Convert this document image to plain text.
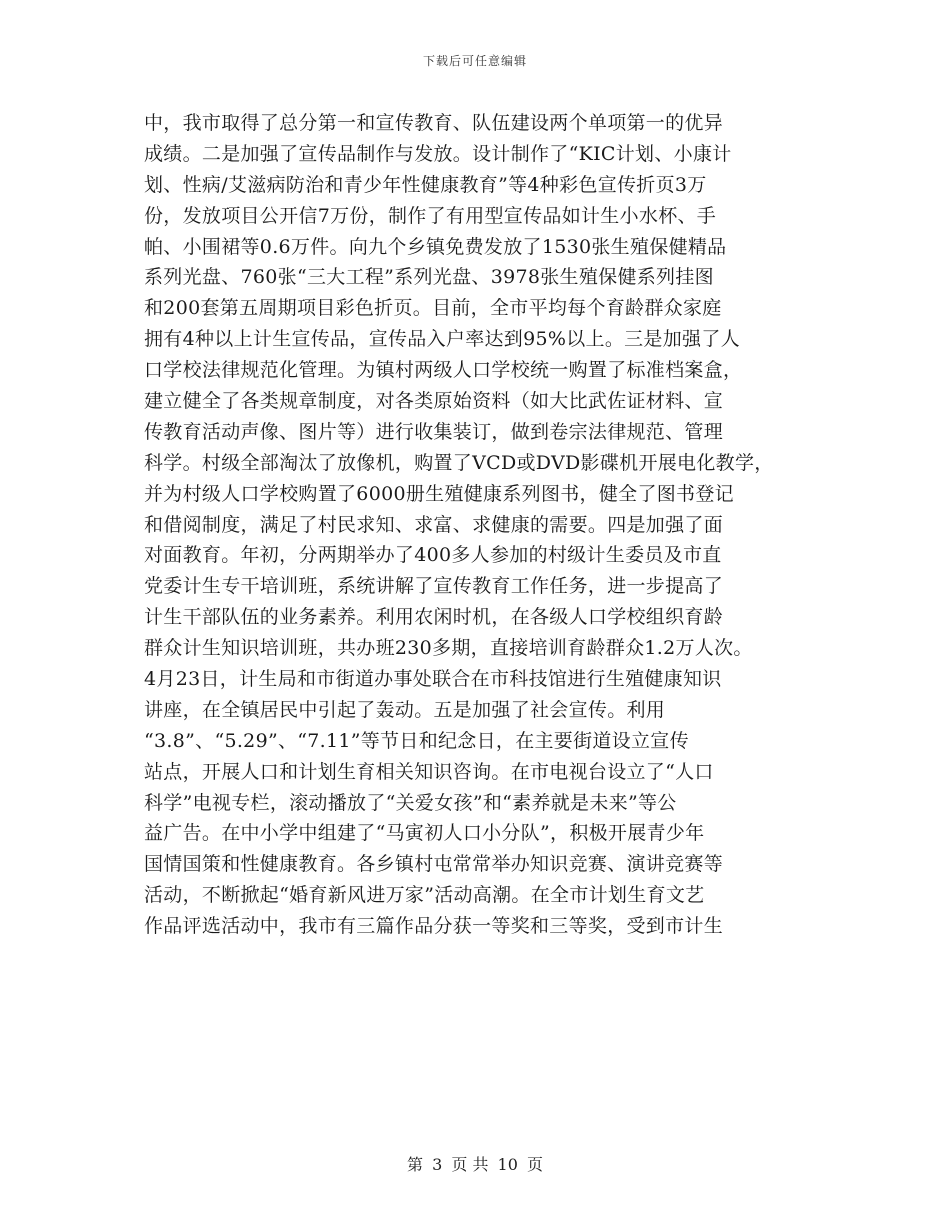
下载后可任意编辑
中，我市取得了总分第一和宣传教育、队伍建设两个单项第一的优异
成绩。二是加强了宣传品制作与发放。设计制作了“KIC计划、小康计
划、性病/艾滋病防治和青少年性健康教育”等4种彩色宣传折页3万
份，发放项目公开信7万份，制作了有用型宣传品如计生小水杯、手
帕、小围裙等0.6万件。向九个乡镇免费发放了1530张生殖保健精品
系列光盘、760张“三大工程”系列光盘、3978张生殖保健系列挂图
和200套第五周期项目彩色折页。目前，全市平均每个育龄群众家庭
拥有4种以上计生宣传品，宣传品入户率达到95%以上。三是加强了人
口学校法律规范化管理。为镇村两级人口学校统一购置了标准档案盒，
建立健全了各类规章制度，对各类原始资料（如大比武佐证材料、宣
传教育活动声像、图片等）进行收集装订，做到卷宗法律规范、管理
科学。村级全部淘汰了放像机，购置了VCD或DVD影碟机开展电化教学，
并为村级人口学校购置了6000册生殖健康系列图书，健全了图书登记
和借阅制度，满足了村民求知、求富、求健康的需要。四是加强了面
对面教育。年初，分两期举办了400多人参加的村级计生委员及市直
党委计生专干培训班，系统讲解了宣传教育工作任务，进一步提高了
计生干部队伍的业务素养。利用农闲时机，在各级人口学校组织育龄
群众计生知识培训班，共办班230多期，直接培训育龄群众1.2万人次。
4月23日，计生局和市街道办事处联合在市科技馆进行生殖健康知识
讲座，在全镇居民中引起了轰动。五是加强了社会宣传。利用
“3.8”、“5.29”、“7.11”等节日和纪念日，在主要街道设立宣传
站点，开展人口和计划生育相关知识咨询。在市电视台设立了“人口
科学”电视专栏，滚动播放了“关爱女孩”和“素养就是未来”等公
益广告。在中小学中组建了“马寅初人口小分队”，积极开展青少年
国情国策和性健康教育。各乡镇村屯常常举办知识竞赛、演讲竞赛等
活动，不断掀起“婚育新风进万家”活动高潮。在全市计划生育文艺
作品评选活动中，我市有三篇作品分获一等奖和三等奖，受到市计生
第 3 页 共 10 页
